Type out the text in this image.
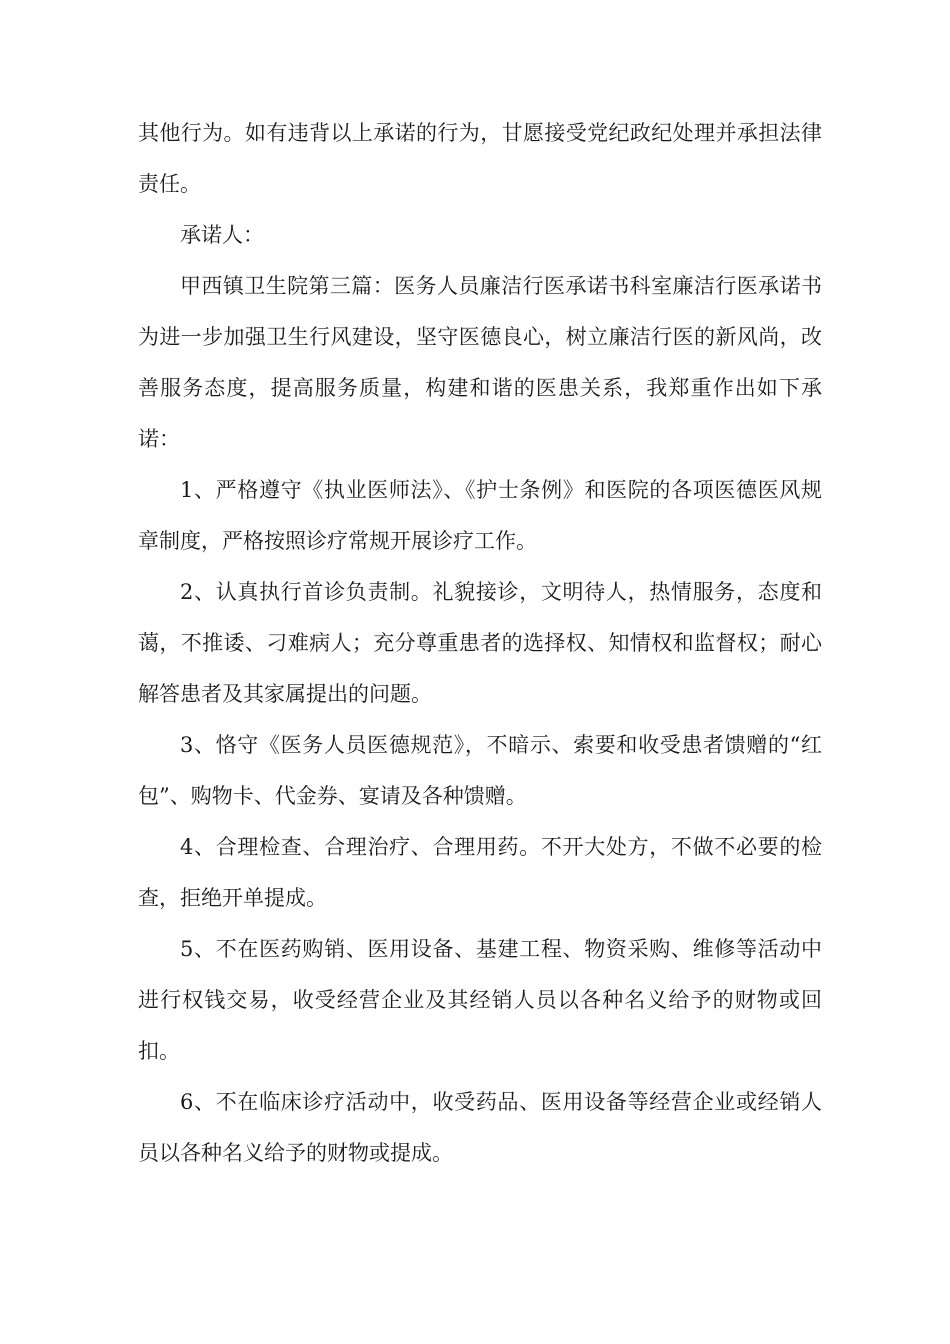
其他行为。如有违背以上承诺的行为，甘愿接受党纪政纪处理并承担法律责任。

承诺人：

甲西镇卫生院第三篇：医务人员廉洁行医承诺书科室廉洁行医承诺书为进一步加强卫生行风建设，坚守医德良心，树立廉洁行医的新风尚，改善服务态度，提高服务质量，构建和谐的医患关系，我郑重作出如下承诺：

1、严格遵守《执业医师法》、《护士条例》和医院的各项医德医风规章制度，严格按照诊疗常规开展诊疗工作。

2、认真执行首诊负责制。礼貌接诊，文明待人，热情服务，态度和蔼，不推诿、刁难病人；充分尊重患者的选择权、知情权和监督权；耐心解答患者及其家属提出的问题。

3、恪守《医务人员医德规范》，不暗示、索要和收受患者馈赠的“红包”、购物卡、代金券、宴请及各种馈赠。

4、合理检查、合理治疗、合理用药。不开大处方，不做不必要的检查，拒绝开单提成。

5、不在医药购销、医用设备、基建工程、物资采购、维修等活动中进行权钱交易，收受经营企业及其经销人员以各种名义给予的财物或回扣。

6、不在临床诊疗活动中，收受药品、医用设备等经营企业或经销人员以各种名义给予的财物或提成。
